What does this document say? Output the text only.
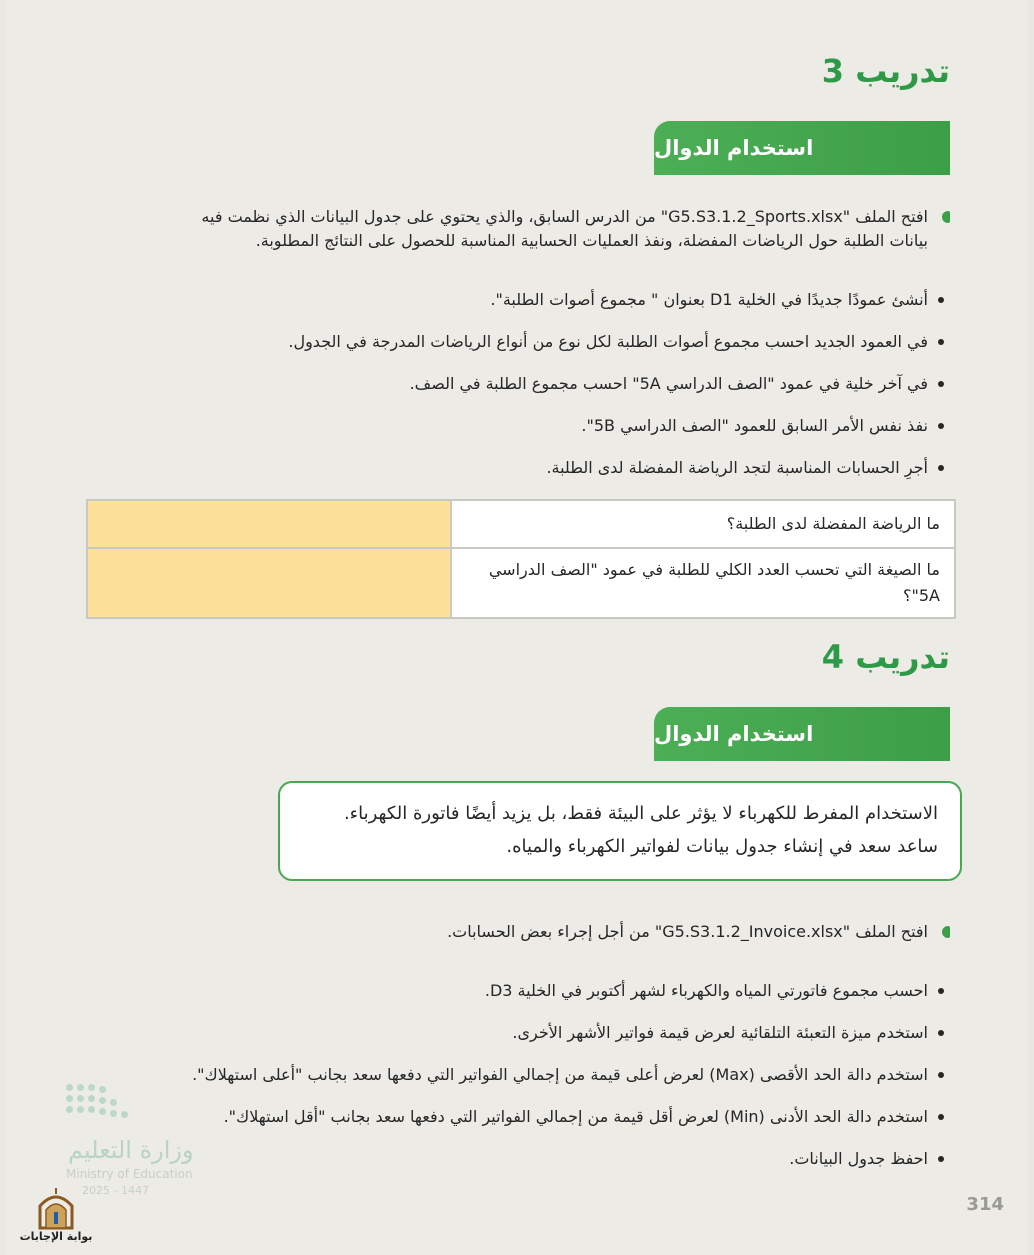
تدريب 3
استخدام الدوال
افتح الملف "G5.S3.1.2_Sports.xlsx" من الدرس السابق، والذي يحتوي على جدول البيانات الذي نظمت فيه
بيانات الطلبة حول الرياضات المفضلة، ونفذ العمليات الحسابية المناسبة للحصول على النتائج المطلوبة.
أنشئ عمودًا جديدًا في الخلية D1 بعنوان " مجموع أصوات الطلبة".
في العمود الجديد احسب مجموع أصوات الطلبة لكل نوع من أنواع الرياضات المدرجة في الجدول.
في آخر خلية في عمود "الصف الدراسي 5A" احسب مجموع الطلبة في الصف.
نفذ نفس الأمر السابق للعمود "الصف الدراسي 5B".
أجرِ الحسابات المناسبة لتجد الرياضة المفضلة لدى الطلبة.
تدريب 4
استخدام الدوال
الاستخدام المفرط للكهرباء لا يؤثر على البيئة فقط، بل يزيد أيضًا فاتورة الكهرباء.
ساعد سعد في إنشاء جدول بيانات لفواتير الكهرباء والمياه.
افتح الملف "G5.S3.1.2_Invoice.xlsx" من أجل إجراء بعض الحسابات.
احسب مجموع فاتورتي المياه والكهرباء لشهر أكتوبر في الخلية D3.
استخدم ميزة التعبئة التلقائية لعرض قيمة فواتير الأشهر الأخرى.
استخدم دالة الحد الأقصى (Max) لعرض أعلى قيمة من إجمالي الفواتير التي دفعها سعد بجانب "أعلى استهلاك".
استخدم دالة الحد الأدنى (Min) لعرض أقل قيمة من إجمالي الفواتير التي دفعها سعد بجانب "أقل استهلاك".
احفظ جدول البيانات.
314
وزارة التعليم
Ministry of Education
2025 - 1447
ما الرياضة المفضلة لدى الطلبة؟	
ما الصيغة التي تحسب العدد الكلي للطلبة في عمود "الصف الدراسي 5A"؟	
بوابة الإجابات
